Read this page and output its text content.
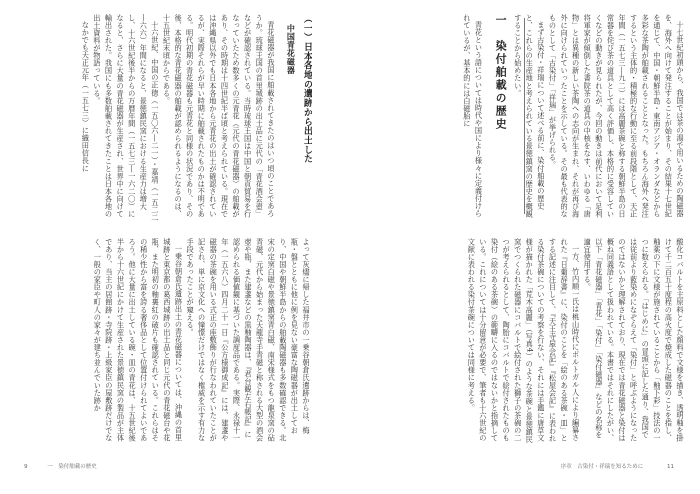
（一）日本各地の遺跡から出土した
中国青花磁器

青花磁器が我国に舶載されてきたのはいつ頃のことであろうか。琉球王国の首里城跡の出土品に元代の「青花酒会壺」などが確認されている。当時琉球王国は中国と朝貢貿易を行なっていたため数多くの元青花（元代の青花磁器）の舶載があり、その時期は十四世紀半ば頃と考えられている。現在では沖縄県以外でも日本各地から元青花の出土が確認されているが、実際それらが早い時期に舶載されたものかは不明である。明代初期の青花磁器も元青花と同様の状況であり、その後、本格的な青花磁器の舶載が認められるようになるのは、十五世紀末頃からである。

十六世紀、中国の正徳（一五〇六―二一）・嘉靖（一五二二―六六）年間になると、景徳鎮民窯における生産力は増大し、十六世紀後半からの万暦年間（一五七三―一六二〇）になると、さらに大量の青花磁器が生産され、世界中に向けて輸出された。我国にも多数舶載されてきたことは日本各地の出土資料が物語っている。

なかでも天正元年（一五七三）に織田信長に

よって灰燼に帰した福井市の一乗谷朝倉氏遺跡からは、梅瓶・盤とともに他に例を見ない豪富な陶磁器が出土しており、中国や朝鮮半島からの舶載陶磁器も多数確認できる。北宋の定窯白磁や景徳鎮窯青白磁、南宋様式をもつ龍泉窯の砧青磁、元代から始まった天龍寺手青磁と称される大型の酒会壺や瓶、また建盞などの黒釉陶器は、『君台観左右帳記』に認められる価値観に基づいた調度品である。実際、永禄十一年（一五六八）四月二十一日『公方様御成記』には、建盞や磁器の茶碗を用いる式正の座敷飾りが行なわれていたことが記され、単に京文化への憧憬だけではなく権威を示す有力な手段であったことが窺える。

一乗谷朝倉氏遺跡出土の青花磁器については、沖縄の首里城跡と東京都の葛西城跡の出土品と同じ元代の青花磁台や花瓶、また明初の釉裏紅の破片も確認されている。これらはその稀少性から富を誇る奢侈品として位置付けられてよいであろう。他に大量に出土している碗・皿の青花は、十五世紀後半から十六世紀にかけて生産された景徳鎮民窯の製品が主体であり、当主の居館跡・寺院跡・上級家臣の屋敷跡だけでなく、一般の家臣や町人の家々が建ち並んでいた跡か

9	一　染付舶載の歴史

十七世紀初頭から、我国では茶の湯で用いるための陶磁器を、海外へ向けて発注することが始まり、その結果十七世紀を通じて、中国・朝鮮半島・東南アジア・オランダなどから多彩な茶陶が舶載されることとなった。もちろん海外へ発注するという主体的・積極的な行動に至る前段階として、天正年間（一五七三―九二）には高麗茶碗と称する朝鮮半島の日常器を侘び茶の道具として高く評価し、本格的に受容していくなどの動きが見られたが、今回の動きは前代において足利将軍家が傾倒した書院茶の道具の中核をなす、いわゆる「唐物」とは異種の新しい茶陶への志向が生まれ、それが再び海外に向けられていったことを示している。その最も代表的なものとして「古染付」「祥瑞」が挙げられる。

まず古染付・祥瑞について述べる前に、染付舶載の歴史と、これらの生産地と考えられている景徳鎮窯の歴史を概観することから始めたい。

一　染付舶載の歴史

青花という語については時代や国により様々に定義付けられているが、基本的には白磁胎に

酸化コバルトを主原料とした顔料で文様を描き、透明釉を掛けて千二百五十度程の高火度で焼成した磁器のことを指し、釉薬の下に文様が施されていることから「釉下彩」技法の一つに数えられる。「はじめに」の冒頭に記した通り、我国では従前より藍染めになぞらえて「染付」と呼ぶようになったのではないかと理解されており、現在では青花磁器と染付は概ね同義語として扱われている。本書ではそれにしたがい、以下「青花磁器」「青花」「染付」「染付磁器」などの名称を適宜使用する。

一方、竹内順一氏は桃山時代にポルトガル人により編纂された『日葡辞書』に、染付のことを「絵のある茶碗・皿」とする記述に注目して、『天王寺屋会記』『松屋会記』に表われる染付茶碗についての考察を行ない、それには手鑑に唐草文様が描かれた「荒木高麗」（写真4）のような茶碗と景徳鎮民窯でつくられた磁器にコバルトで絵付された獅子の茶碗の二つが考えられるとして、陶胎にコバルトで絵付されたものも染付（絵のある茶碗）の範疇に入るのではないかと指摘している。これについては十分留意が必要で、筆者も十六世紀の文献に表われる染付茶碗については同様に考える。

序章　古染付・祥瑞を知るために	11
